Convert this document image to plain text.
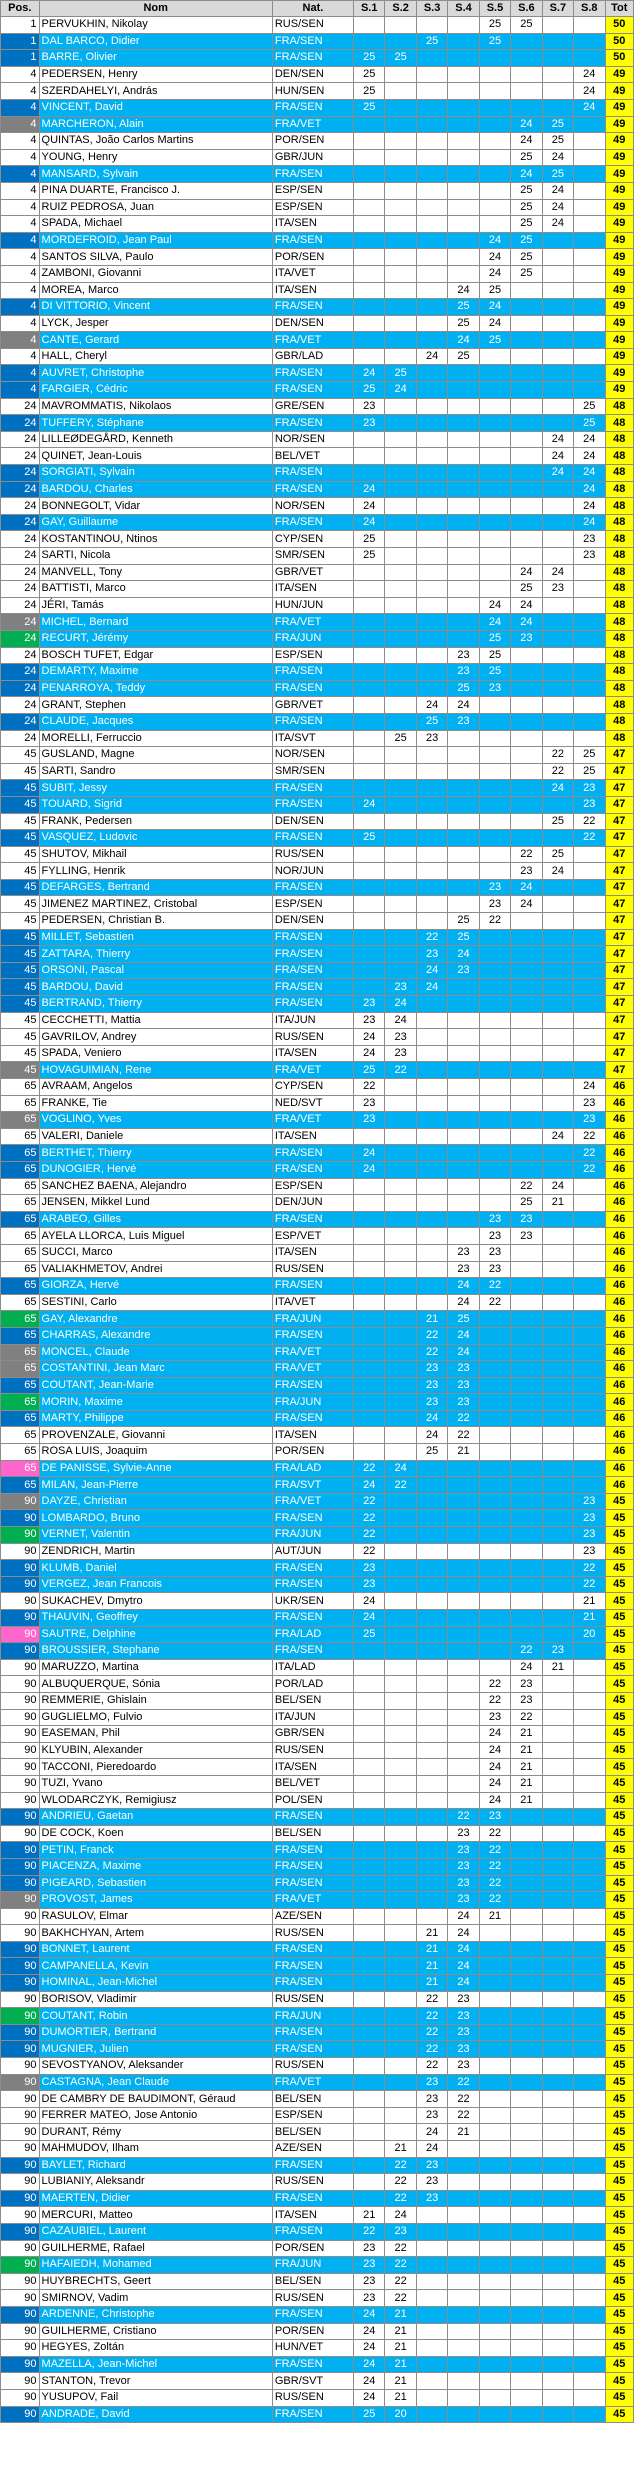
Pos.	Nom	Nat.	S.1	S.2	S.3	S.4	S.5	S.6	S.7	S.8	Tot
1	PERVUKHIN, Nikolay	RUS/SEN					25	25			50
1	DAL BARCO, Didier	FRA/SEN			25		25				50
1	BARRE, Olivier	FRA/SEN	25	25							50
4	PEDERSEN, Henry	DEN/SEN	25							24	49
4	SZERDAHELYI, András	HUN/SEN	25							24	49
4	VINCENT, David	FRA/SEN	25							24	49
4	MARCHERON, Alain	FRA/VET						24	25		49
4	QUINTAS, João Carlos Martins	POR/SEN						24	25		49
4	YOUNG, Henry	GBR/JUN						25	24		49
4	MANSARD, Sylvain	FRA/SEN						24	25		49
4	PINA DUARTE, Francisco J.	ESP/SEN						25	24		49
4	RUIZ PEDROSA, Juan	ESP/SEN						25	24		49
4	SPADA, Michael	ITA/SEN						25	24		49
4	MORDEFROID, Jean Paul	FRA/SEN					24	25			49
4	SANTOS SILVA, Paulo	POR/SEN					24	25			49
4	ZAMBONI, Giovanni	ITA/VET					24	25			49
4	MOREA, Marco	ITA/SEN				24	25				49
4	DI VITTORIO, Vincent	FRA/SEN				25	24				49
4	LYCK, Jesper	DEN/SEN				25	24				49
4	CANTE, Gerard	FRA/VET				24	25				49
4	HALL, Cheryl	GBR/LAD			24	25					49
4	AUVRET, Christophe	FRA/SEN	24	25							49
4	FARGIER, Cédric	FRA/SEN	25	24							49
24	MAVROMMATIS, Nikolaos	GRE/SEN	23							25	48
24	TUFFERY, Stéphane	FRA/SEN	23							25	48
24	LILLEØDEGÅRD, Kenneth	NOR/SEN							24	24	48
24	QUINET, Jean-Louis	BEL/VET							24	24	48
24	SORGIATI, Sylvain	FRA/SEN							24	24	48
24	BARDOU, Charles	FRA/SEN	24							24	48
24	BONNEGOLT, Vidar	NOR/SEN	24							24	48
24	GAY, Guillaume	FRA/SEN	24							24	48
24	KOSTANTINOU, Ntinos	CYP/SEN	25							23	48
24	SARTI, Nicola	SMR/SEN	25							23	48
24	MANVELL, Tony	GBR/VET						24	24		48
24	BATTISTI, Marco	ITA/SEN						25	23		48
24	JÉRI, Tamás	HUN/JUN					24	24			48
24	MICHEL, Bernard	FRA/VET					24	24			48
24	RECURT, Jérémy	FRA/JUN					25	23			48
24	BOSCH TUFET, Edgar	ESP/SEN				23	25				48
24	DEMARTY, Maxime	FRA/SEN				23	25				48
24	PENARROYA, Teddy	FRA/SEN				25	23				48
24	GRANT, Stephen	GBR/VET			24	24					48
24	CLAUDE, Jacques	FRA/SEN			25	23					48
24	MORELLI, Ferruccio	ITA/SVT		25	23						48
45	GUSLAND, Magne	NOR/SEN							22	25	47
45	SARTI, Sandro	SMR/SEN							22	25	47
45	SUBIT, Jessy	FRA/SEN							24	23	47
45	TOUARD, Sigrid	FRA/SEN	24							23	47
45	FRANK, Pedersen	DEN/SEN							25	22	47
45	VASQUEZ, Ludovic	FRA/SEN	25							22	47
45	SHUTOV, Mikhail	RUS/SEN						22	25		47
45	FYLLING, Henrik	NOR/JUN						23	24		47
45	DEFARGES, Bertrand	FRA/SEN					23	24			47
45	JIMENEZ MARTINEZ, Cristobal	ESP/SEN					23	24			47
45	PEDERSEN, Christian B.	DEN/SEN				25	22				47
45	MILLET, Sebastien	FRA/SEN			22	25					47
45	ZATTARA, Thierry	FRA/SEN			23	24					47
45	ORSONI, Pascal	FRA/SEN			24	23					47
45	BARDOU, David	FRA/SEN		23	24						47
45	BERTRAND, Thierry	FRA/SEN	23	24							47
45	CECCHETTI, Mattia	ITA/JUN	23	24							47
45	GAVRILOV, Andrey	RUS/SEN	24	23							47
45	SPADA, Veniero	ITA/SEN	24	23							47
45	HOVAGUIMIAN, Rene	FRA/VET	25	22							47
65	AVRAAM, Angelos	CYP/SEN	22							24	46
65	FRANKE, Tie	NED/SVT	23							23	46
65	VOGLINO, Yves	FRA/VET	23							23	46
65	VALERI, Daniele	ITA/SEN							24	22	46
65	BERTHET, Thierry	FRA/SEN	24							22	46
65	DUNOGIER, Hervé	FRA/SEN	24							22	46
65	SANCHEZ BAENA, Alejandro	ESP/SEN						22	24		46
65	JENSEN, Mikkel Lund	DEN/JUN						25	21		46
65	ARABEO, Gilles	FRA/SEN					23	23			46
65	AYELA LLORCA, Luis Miguel	ESP/VET					23	23			46
65	SUCCI, Marco	ITA/SEN				23	23				46
65	VALIAKHMETOV, Andrei	RUS/SEN				23	23				46
65	GIORZA, Hervé	FRA/SEN				24	22				46
65	SESTINI, Carlo	ITA/VET				24	22				46
65	GAY, Alexandre	FRA/JUN			21	25					46
65	CHARRAS, Alexandre	FRA/SEN			22	24					46
65	MONCEL, Claude	FRA/VET			22	24					46
65	COSTANTINI, Jean Marc	FRA/VET			23	23					46
65	COUTANT, Jean-Marie	FRA/SEN			23	23					46
65	MORIN, Maxime	FRA/JUN			23	23					46
65	MARTY, Philippe	FRA/SEN			24	22					46
65	PROVENZALE, Giovanni	ITA/SEN			24	22					46
65	ROSA LUIS, Joaquim	POR/SEN			25	21					46
65	DE PANISSE, Sylvie-Anne	FRA/LAD	22	24							46
65	MILAN, Jean-Pierre	FRA/SVT	24	22							46
90	DAYZE, Christian	FRA/VET	22							23	45
90	LOMBARDO, Bruno	FRA/SEN	22							23	45
90	VERNET, Valentin	FRA/JUN	22							23	45
90	ZENDRICH, Martin	AUT/JUN	22							23	45
90	KLUMB, Daniel	FRA/SEN	23							22	45
90	VERGEZ, Jean Francois	FRA/SEN	23							22	45
90	SUKACHEV, Dmytro	UKR/SEN	24							21	45
90	THAUVIN, Geoffrey	FRA/SEN	24							21	45
90	SAUTRE, Delphine	FRA/LAD	25							20	45
90	BROUSSIER, Stephane	FRA/SEN						22	23		45
90	MARUZZO, Martina	ITA/LAD						24	21		45
90	ALBUQUERQUE, Sónia	POR/LAD					22	23			45
90	REMMERIE, Ghislain	BEL/SEN					22	23			45
90	GUGLIELMO, Fulvio	ITA/JUN					23	22			45
90	EASEMAN, Phil	GBR/SEN					24	21			45
90	KLYUBIN, Alexander	RUS/SEN					24	21			45
90	TACCONI, Pieredoardo	ITA/SEN					24	21			45
90	TUZI, Yvano	BEL/VET					24	21			45
90	WLODARCZYK, Remigiusz	POL/SEN					24	21			45
90	ANDRIEU, Gaetan	FRA/SEN				22	23				45
90	DE COCK, Koen	BEL/SEN				23	22				45
90	PETIN, Franck	FRA/SEN				23	22				45
90	PIACENZA, Maxime	FRA/SEN				23	22				45
90	PIGEARD, Sebastien	FRA/SEN				23	22				45
90	PROVOST, James	FRA/VET				23	22				45
90	RASULOV, Elmar	AZE/SEN				24	21				45
90	BAKHCHYAN, Artem	RUS/SEN			21	24					45
90	BONNET, Laurent	FRA/SEN			21	24					45
90	CAMPANELLA, Kevin	FRA/SEN			21	24					45
90	HOMINAL, Jean-Michel	FRA/SEN			21	24					45
90	BORISOV, Vladimir	RUS/SEN			22	23					45
90	COUTANT, Robin	FRA/JUN			22	23					45
90	DUMORTIER, Bertrand	FRA/SEN			22	23					45
90	MUGNIER, Julien	FRA/SEN			22	23					45
90	SEVOSTYANOV, Aleksander	RUS/SEN			22	23					45
90	CASTAGNA, Jean Claude	FRA/VET			23	22					45
90	DE CAMBRY DE BAUDIMONT, Géraud	BEL/SEN			23	22					45
90	FERRER MATEO, Jose Antonio	ESP/SEN			23	22					45
90	DURANT, Rémy	BEL/SEN			24	21					45
90	MAHMUDOV, Ilham	AZE/SEN		21	24						45
90	BAYLET, Richard	FRA/SEN		22	23						45
90	LUBIANIY, Aleksandr	RUS/SEN		22	23						45
90	MAERTEN, Didier	FRA/SEN		22	23						45
90	MERCURI, Matteo	ITA/SEN	21	24							45
90	CAZAUBIEL, Laurent	FRA/SEN	22	23							45
90	GUILHERME, Rafael	POR/SEN	23	22							45
90	HAFAIEDH, Mohamed	FRA/JUN	23	22							45
90	HUYBRECHTS, Geert	BEL/SEN	23	22							45
90	SMIRNOV, Vadim	RUS/SEN	23	22							45
90	ARDENNE, Christophe	FRA/SEN	24	21							45
90	GUILHERME, Cristiano	POR/SEN	24	21							45
90	HEGYES, Zoltán	HUN/VET	24	21							45
90	MAZELLA, Jean-Michel	FRA/SEN	24	21							45
90	STANTON, Trevor	GBR/SVT	24	21							45
90	YUSUPOV, Fail	RUS/SEN	24	21							45
90	ANDRADE, David	FRA/SEN	25	20							45
